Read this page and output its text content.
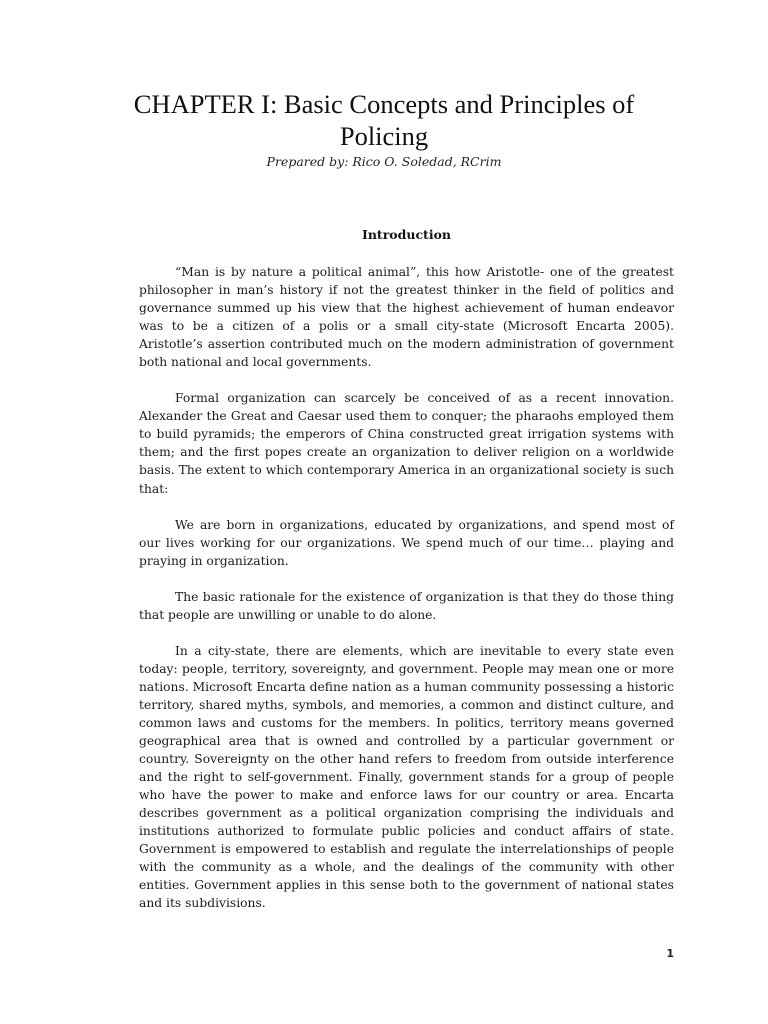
CHAPTER I: Basic Concepts and Principles of Policing
Prepared by: Rico O. Soledad, RCrim
Introduction

“Man is by nature a political animal”, this how Aristotle- one of the greatest philosopher in man’s history if not the greatest thinker in the field of politics and governance summed up his view that the highest achievement of human endeavor was to be a citizen of a polis or a small city-state (Microsoft Encarta 2005). Aristotle’s assertion contributed much on the modern administration of government both national and local governments.

Formal organization can scarcely be conceived of as a recent innovation. Alexander the Great and Caesar used them to conquer; the pharaohs employed them to build pyramids; the emperors of China constructed great irrigation systems with them; and the first popes create an organization to deliver religion on a worldwide basis. The extent to which contemporary America in an organizational society is such that:

We are born in organizations, educated by organizations, and spend most of our lives working for our organizations. We spend much of our time… playing and praying in organization.

The basic rationale for the existence of organization is that they do those thing that people are unwilling or unable to do alone.

In a city-state, there are elements, which are inevitable to every state even today: people, territory, sovereignty, and government. People may mean one or more nations. Microsoft Encarta define nation as a human community possessing a historic territory, shared myths, symbols, and memories, a common and distinct culture, and common laws and customs for the members. In politics, territory means governed geographical area that is owned and controlled by a particular government or country. Sovereignty on the other hand refers to freedom from outside interference and the right to self-government. Finally, government stands for a group of people who have the power to make and enforce laws for our country or area. Encarta describes government as a political organization comprising the individuals and institutions authorized to formulate public policies and conduct affairs of state. Government is empowered to establish and regulate the interrelationships of people with the community as a whole, and the dealings of the community with other entities. Government applies in this sense both to the government of national states and its subdivisions.

1
